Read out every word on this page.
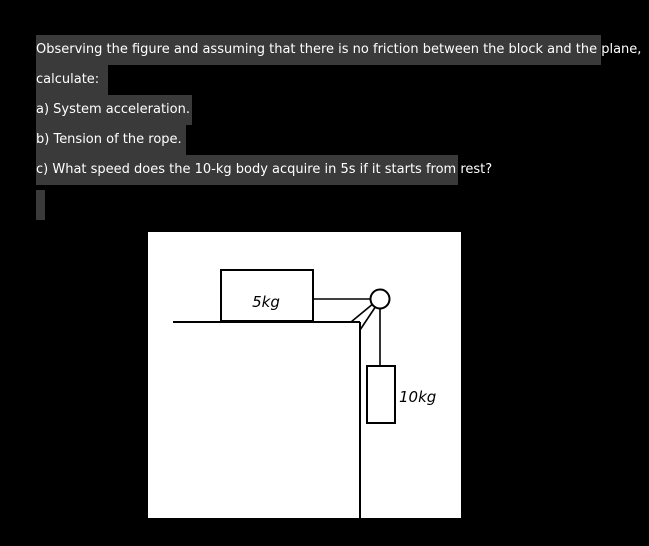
Observing the figure and assuming that there is no friction between the block and the plane,
calculate:
a) System acceleration.
b) Tension of the rope.
c) What speed does the 10-kg body acquire in 5s if it starts from rest?
5kg
10kg
